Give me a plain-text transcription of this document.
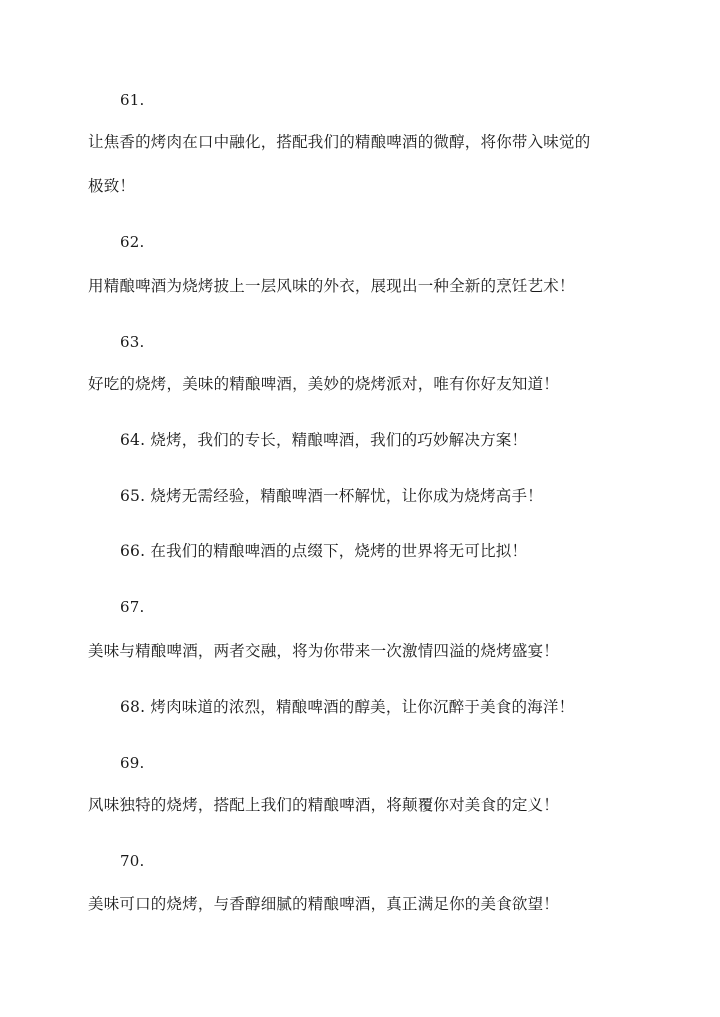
61.
让焦香的烤肉在口中融化，搭配我们的精酿啤酒的微醇，将你带入味觉的
极致！
62.
用精酿啤酒为烧烤披上一层风味的外衣，展现出一种全新的烹饪艺术！
63.
好吃的烧烤，美味的精酿啤酒，美妙的烧烤派对，唯有你好友知道！
64. 烧烤，我们的专长，精酿啤酒，我们的巧妙解决方案！
65. 烧烤无需经验，精酿啤酒一杯解忧，让你成为烧烤高手！
66. 在我们的精酿啤酒的点缀下，烧烤的世界将无可比拟！
67.
美味与精酿啤酒，两者交融，将为你带来一次激情四溢的烧烤盛宴！
68. 烤肉味道的浓烈，精酿啤酒的醇美，让你沉醉于美食的海洋！
69.
风味独特的烧烤，搭配上我们的精酿啤酒，将颠覆你对美食的定义！
70.
美味可口的烧烤，与香醇细腻的精酿啤酒，真正满足你的美食欲望！
